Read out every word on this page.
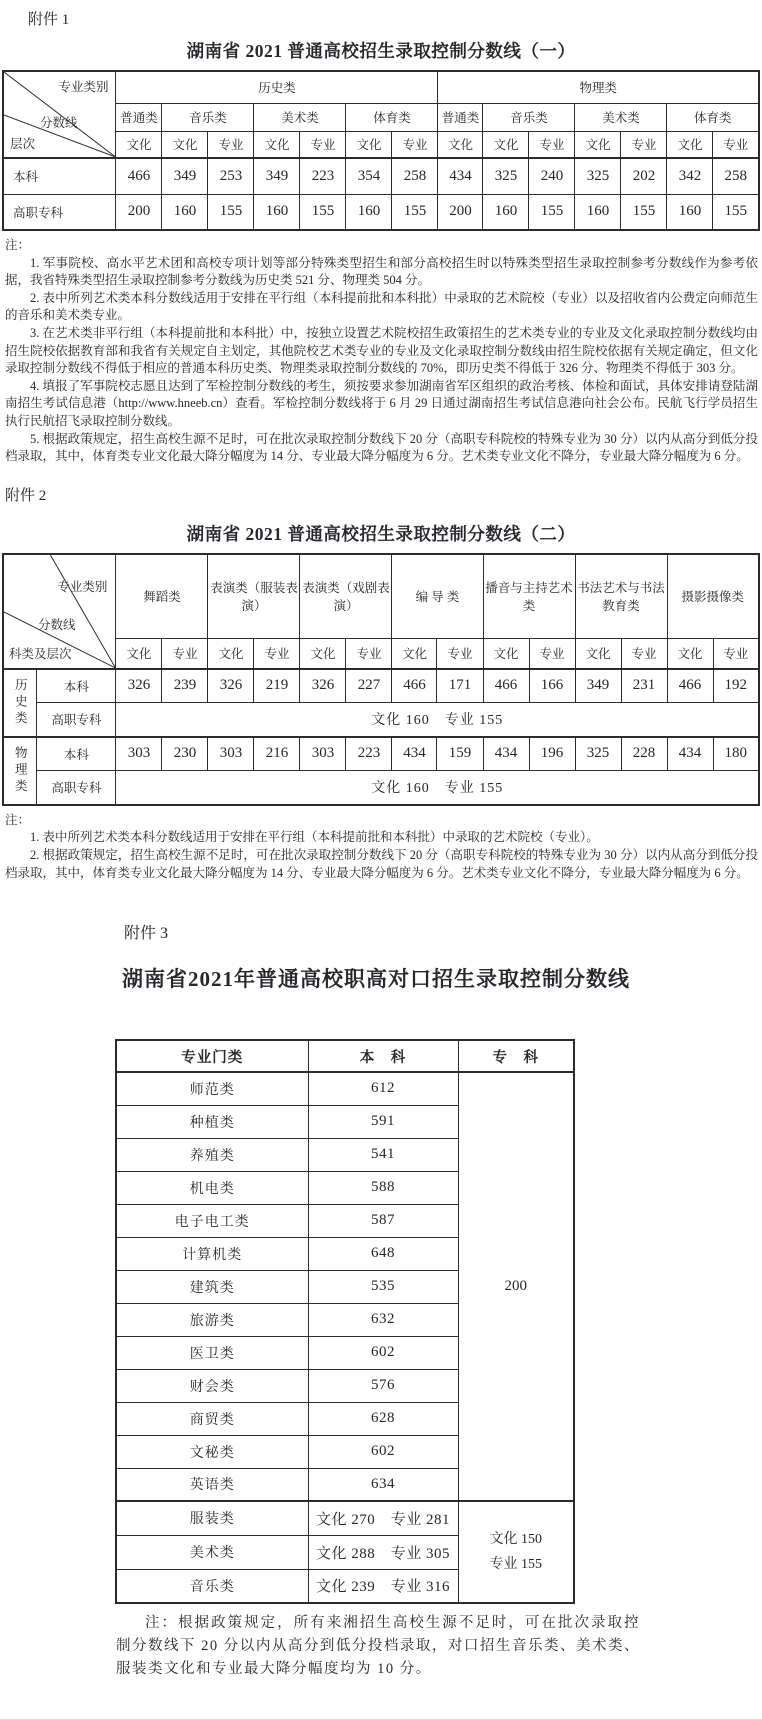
附件 1
湖南省 2021 普通高校招生录取控制分数线（一）
专业类别
分数线
层次	历史类							物理类						
	普通类	音乐类		美术类		体育类		普通类	音乐类		美术类		体育类	
	文化	文化	专业	文化	专业	文化	专业	文化	文化	专业	文化	专业	文化	专业
本科	466	349	253	349	223	354	258	434	325	240	325	202	342	258
高职专科	200	160	155	160	155	160	155	200	160	155	160	155	160	155

注：

1. 军事院校、高水平艺术团和高校专项计划等部分特殊类型招生和部分高校招生时以特殊类型招生录取控制参考分数线作为参考依据，我省特殊类型招生录取控制参考分数线为历史类 521 分、物理类 504 分。

2. 表中所列艺术类本科分数线适用于安排在平行组（本科提前批和本科批）中录取的艺术院校（专业）以及招收省内公费定向师范生的音乐和美术类专业。

3. 在艺术类非平行组（本科提前批和本科批）中，按独立设置艺术院校招生政策招生的艺术类专业的专业及文化录取控制分数线均由招生院校依据教育部和我省有关规定自主划定，其他院校艺术类专业的专业及文化录取控制分数线由招生院校依据有关规定确定，但文化录取控制分数线不得低于相应的普通本科历史类、物理类录取控制分数线的 70%，即历史类不得低于 326 分、物理类不得低于 303 分。

4. 填报了军事院校志愿且达到了军检控制分数线的考生，须按要求参加湖南省军区组织的政治考核、体检和面试，具体安排请登陆湖南招生考试信息港（http://www.hneeb.cn）查看。军检控制分数线将于 6 月 29 日通过湖南招生考试信息港向社会公布。民航飞行学员招生执行民航招飞录取控制分数线。

5. 根据政策规定，招生高校生源不足时，可在批次录取控制分数线下 20 分（高职专科院校的特殊专业为 30 分）以内从高分到低分投档录取，其中，体育类专业文化最大降分幅度为 14 分、专业最大降分幅度为 6 分。艺术类专业文化不降分，专业最大降分幅度为 6 分。

附件 2
湖南省 2021 普通高校招生录取控制分数线（二）
专业类别
分数线
科类及层次		舞蹈类		表演类（服装表演）		表演类（戏剧表演）		编 导 类		播音与主持艺术类		书法艺术与书法教育类		摄影摄像类	
		文化	专业	文化	专业	文化	专业	文化	专业	文化	专业	文化	专业	文化	专业
历史类	本科	326	239	326	219	326	227	466	171	466	166	349	231	466	192
	高职专科	文化 160　专业 155													
物理类	本科	303	230	303	216	303	223	434	159	434	196	325	228	434	180
	高职专科	文化 160　专业 155													

注：

1. 表中所列艺术类本科分数线适用于安排在平行组（本科提前批和本科批）中录取的艺术院校（专业）。

2. 根据政策规定，招生高校生源不足时，可在批次录取控制分数线下 20 分（高职专科院校的特殊专业为 30 分）以内从高分到低分投档录取，其中，体育类专业文化最大降分幅度为 14 分、专业最大降分幅度为 6 分。艺术类专业文化不降分，专业最大降分幅度为 6 分。

附件 3
湖南省2021年普通高校职高对口招生录取控制分数线
专业门类	本　科	专　科
师范类	612	200
种植类	591	
养殖类	541	
机电类	588	
电子电工类	587	
计算机类	648	
建筑类	535	
旅游类	632	
医卫类	602	
财会类	576	
商贸类	628	
文秘类	602	
英语类	634	
服装类	文化 270　专业 281	文化 150
专业 155

美术类	文化 288　专业 305	
音乐类	文化 239　专业 316	

注：根据政策规定，所有来湘招生高校生源不足时，可在批次录取控制分数线下 20 分以内从高分到低分投档录取，对口招生音乐类、美术类、服装类文化和专业最大降分幅度均为 10 分。
